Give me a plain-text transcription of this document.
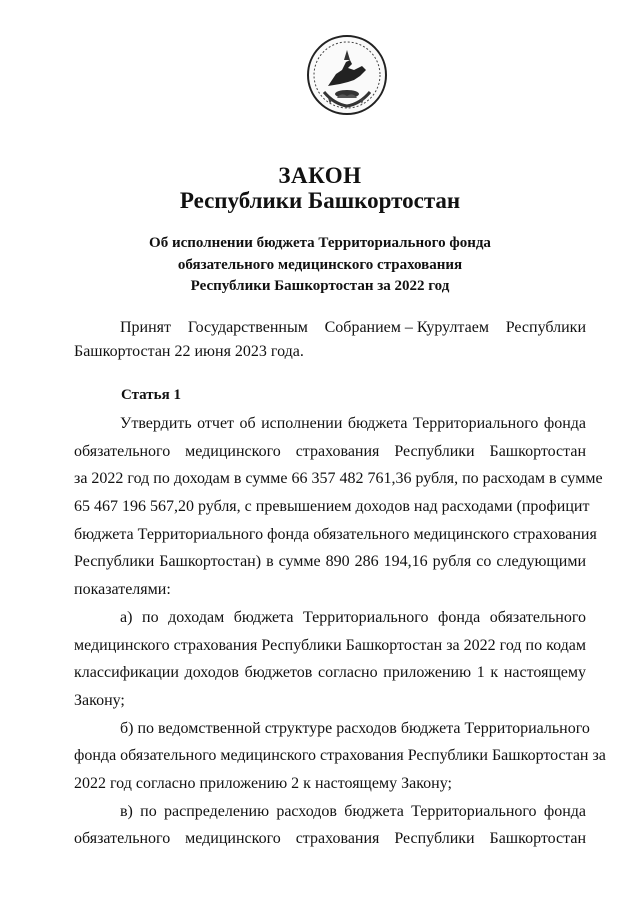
ЗАКОН
Республики Башкортостан
Об исполнении бюджета Территориального фонда
обязательного медицинского страхования
Республики Башкортостан за 2022 год
Принят Государственным Собранием – Курултаем Республики
Башкортостан 22 июня 2023 года.
Статья 1
Утвердить отчет об исполнении бюджета Территориального фонда
обязательного медицинского страхования Республики Башкортостан
за 2022 год по доходам в сумме 66 357 482 761,36 рубля, по расходам в сумме
65 467 196 567,20 рубля, с превышением доходов над расходами (профицит
бюджета Территориального фонда обязательного медицинского страхования
Республики Башкортостан) в сумме 890 286 194,16 рубля со следующими
показателями:
а) по доходам бюджета Территориального фонда обязательного
медицинского страхования Республики Башкортостан за 2022 год по кодам
классификации доходов бюджетов согласно приложению 1 к настоящему
Закону;
б) по ведомственной структуре расходов бюджета Территориального
фонда обязательного медицинского страхования Республики Башкортостан за
2022 год согласно приложению 2 к настоящему Закону;
в) по распределению расходов бюджета Территориального фонда
обязательного медицинского страхования Республики Башкортостан
